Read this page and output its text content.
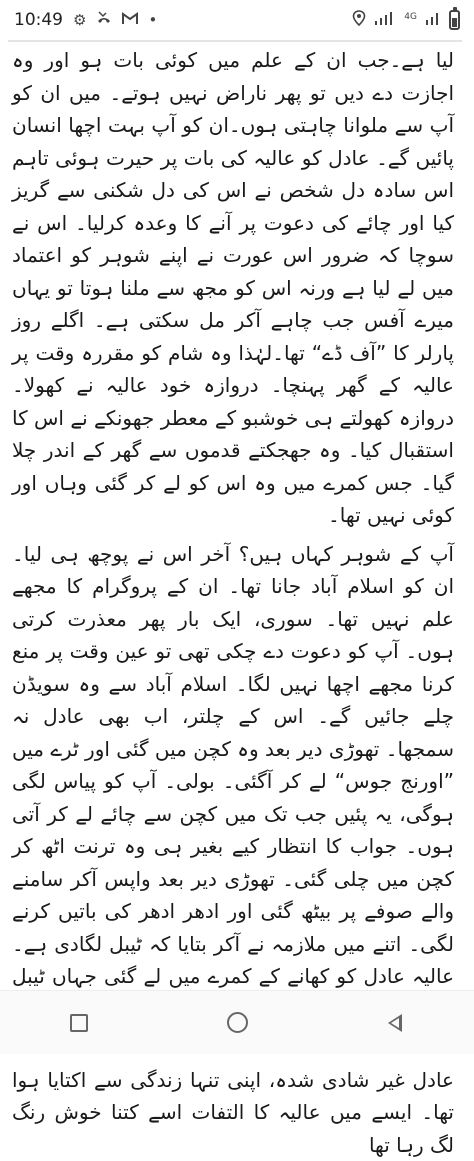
10:49 ⚙	•	$^{4G}$

لیا ہے۔جب ان کے علم میں کوئی بات ہو اور وہ اجازت دے دیں تو پھر ناراض نہیں ہوتے۔ میں ان کو آپ سے ملوانا چاہتی ہوں۔ان کو آپ بہت اچھا انسان پائیں گے۔ عادل کو عالیہ کی بات پر حیرت ہوئی تاہم اس سادہ دل شخص نے اس کی دل شکنی سے گریز کیا اور چائے کی دعوت پر آنے کا وعدہ کرلیا۔ اس نے سوچا کہ ضرور اس عورت نے اپنے شوہر کو اعتماد میں لے لیا ہے ورنہ اس کو مجھ سے ملنا ہوتا تو یہاں میرے آفس جب چاہے آکر مل سکتی ہے۔ اگلے روز پارلر کا ”آف ڈے“ تھا۔لہٰذا وہ شام کو مقررہ وقت پر عالیہ کے گھر پہنچا۔ دروازہ خود عالیہ نے کھولا۔ دروازہ کھولتے ہی خوشبو کے معطر جھونکے نے اس کا استقبال کیا۔ وہ جھجکتے قدموں سے گھر کے اندر چلا گیا۔ جس کمرے میں وہ اس کو لے کر گئی وہاں اور کوئی نہیں تھا۔

آپ کے شوہر کہاں ہیں؟ آخر اس نے پوچھ ہی لیا۔ ان کو اسلام آباد جانا تھا۔ ان کے پروگرام کا مجھے علم نہیں تھا۔ سوری، ایک بار پھر معذرت کرتی ہوں۔ آپ کو دعوت دے چکی تھی تو عین وقت پر منع کرنا مجھے اچھا نہیں لگا۔ اسلام آباد سے وہ سویڈن چلے جائیں گے۔ اس کے چلتر، اب بھی عادل نہ سمجھا۔ تھوڑی دیر بعد وہ کچن میں گئی اور ٹرے میں ”اورنج جوس“ لے کر آگئی۔ بولی۔ آپ کو پیاس لگی ہوگی، یہ پئیں جب تک میں کچن سے چائے لے کر آتی ہوں۔ جواب کا انتظار کیے بغیر ہی وہ ترنت اٹھ کر کچن میں چلی گئی۔ تھوڑی دیر بعد واپس آکر سامنے والے صوفے پر بیٹھ گئی اور ادھر ادھر کی باتیں کرنے لگی۔ اتنے میں ملازمہ نے آکر بتایا کہ ٹیبل لگادی ہے۔ عالیہ عادل کو کھانے کے کمرے میں لے گئی جہاں ٹیبل

عادل غیر شادی شدہ، اپنی تنہا زندگی سے اکتایا ہوا تھا۔ ایسے میں عالیہ کا التفات اسے کتنا خوش رنگ لگ رہا تھا
